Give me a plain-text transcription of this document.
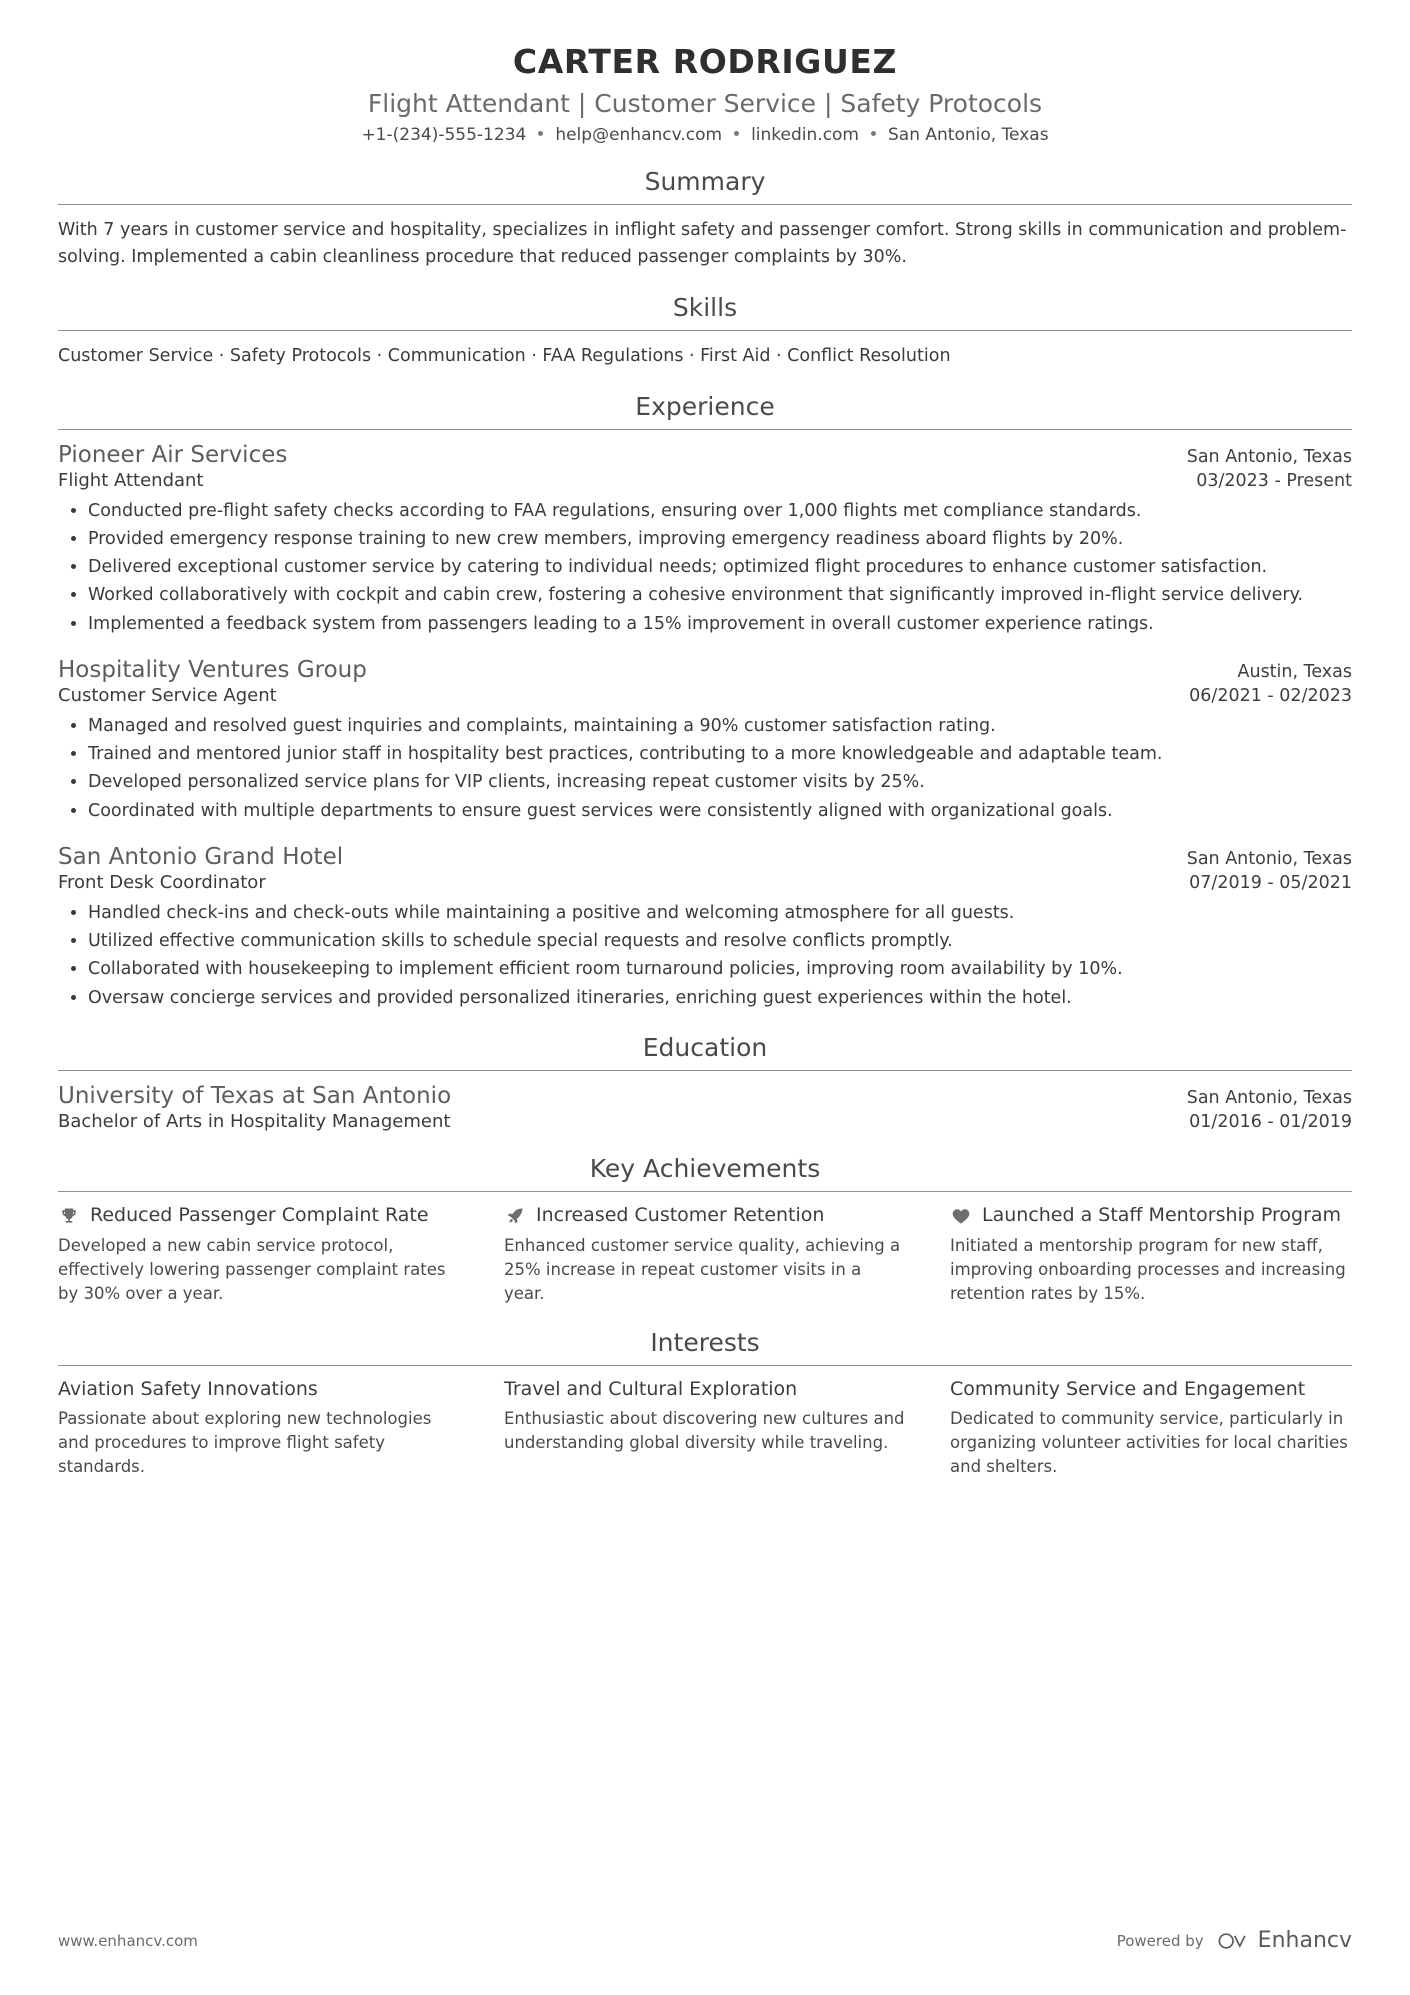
CARTER RODRIGUEZ
Flight Attendant | Customer Service | Safety Protocols
+1-(234)-555-1234 help@enhancv.com linkedin.com San Antonio, Texas
Summary
With 7 years in customer service and hospitality, specializes in inflight safety and passenger comfort. Strong skills in communication and problem-solving. Implemented a cabin cleanliness procedure that reduced passenger complaints by 30%.
Skills
Customer Service · Safety Protocols · Communication · FAA Regulations · First Aid · Conflict Resolution
Experience
Pioneer Air Services	San Antonio, Texas
Flight Attendant	03/2023 - Present
• Conducted pre-flight safety checks according to FAA regulations, ensuring over 1,000 flights met compliance standards.
• Provided emergency response training to new crew members, improving emergency readiness aboard flights by 20%.
• Delivered exceptional customer service by catering to individual needs; optimized flight procedures to enhance customer satisfaction.
• Worked collaboratively with cockpit and cabin crew, fostering a cohesive environment that significantly improved in-flight service delivery.
• Implemented a feedback system from passengers leading to a 15% improvement in overall customer experience ratings.
Hospitality Ventures Group	Austin, Texas
Customer Service Agent	06/2021 - 02/2023
• Managed and resolved guest inquiries and complaints, maintaining a 90% customer satisfaction rating.
• Trained and mentored junior staff in hospitality best practices, contributing to a more knowledgeable and adaptable team.
• Developed personalized service plans for VIP clients, increasing repeat customer visits by 25%.
• Coordinated with multiple departments to ensure guest services were consistently aligned with organizational goals.
San Antonio Grand Hotel	San Antonio, Texas
Front Desk Coordinator	07/2019 - 05/2021
• Handled check-ins and check-outs while maintaining a positive and welcoming atmosphere for all guests.
• Utilized effective communication skills to schedule special requests and resolve conflicts promptly.
• Collaborated with housekeeping to implement efficient room turnaround policies, improving room availability by 10%.
• Oversaw concierge services and provided personalized itineraries, enriching guest experiences within the hotel.
Education
University of Texas at San Antonio	San Antonio, Texas
Bachelor of Arts in Hospitality Management	01/2016 - 01/2019
Key Achievements
Reduced Passenger Complaint Rate
Developed a new cabin service protocol, effectively lowering passenger complaint rates by 30% over a year.
Increased Customer Retention
Enhanced customer service quality, achieving a 25% increase in repeat customer visits in a year.
Launched a Staff Mentorship Program
Initiated a mentorship program for new staff, improving onboarding processes and increasing retention rates by 15%.
Interests
Aviation Safety Innovations
Passionate about exploring new technologies and procedures to improve flight safety standards.
Travel and Cultural Exploration
Enthusiastic about discovering new cultures and understanding global diversity while traveling.
Community Service and Engagement
Dedicated to community service, particularly in organizing volunteer activities for local charities and shelters.
www.enhancv.com	Powered by Enhancv
